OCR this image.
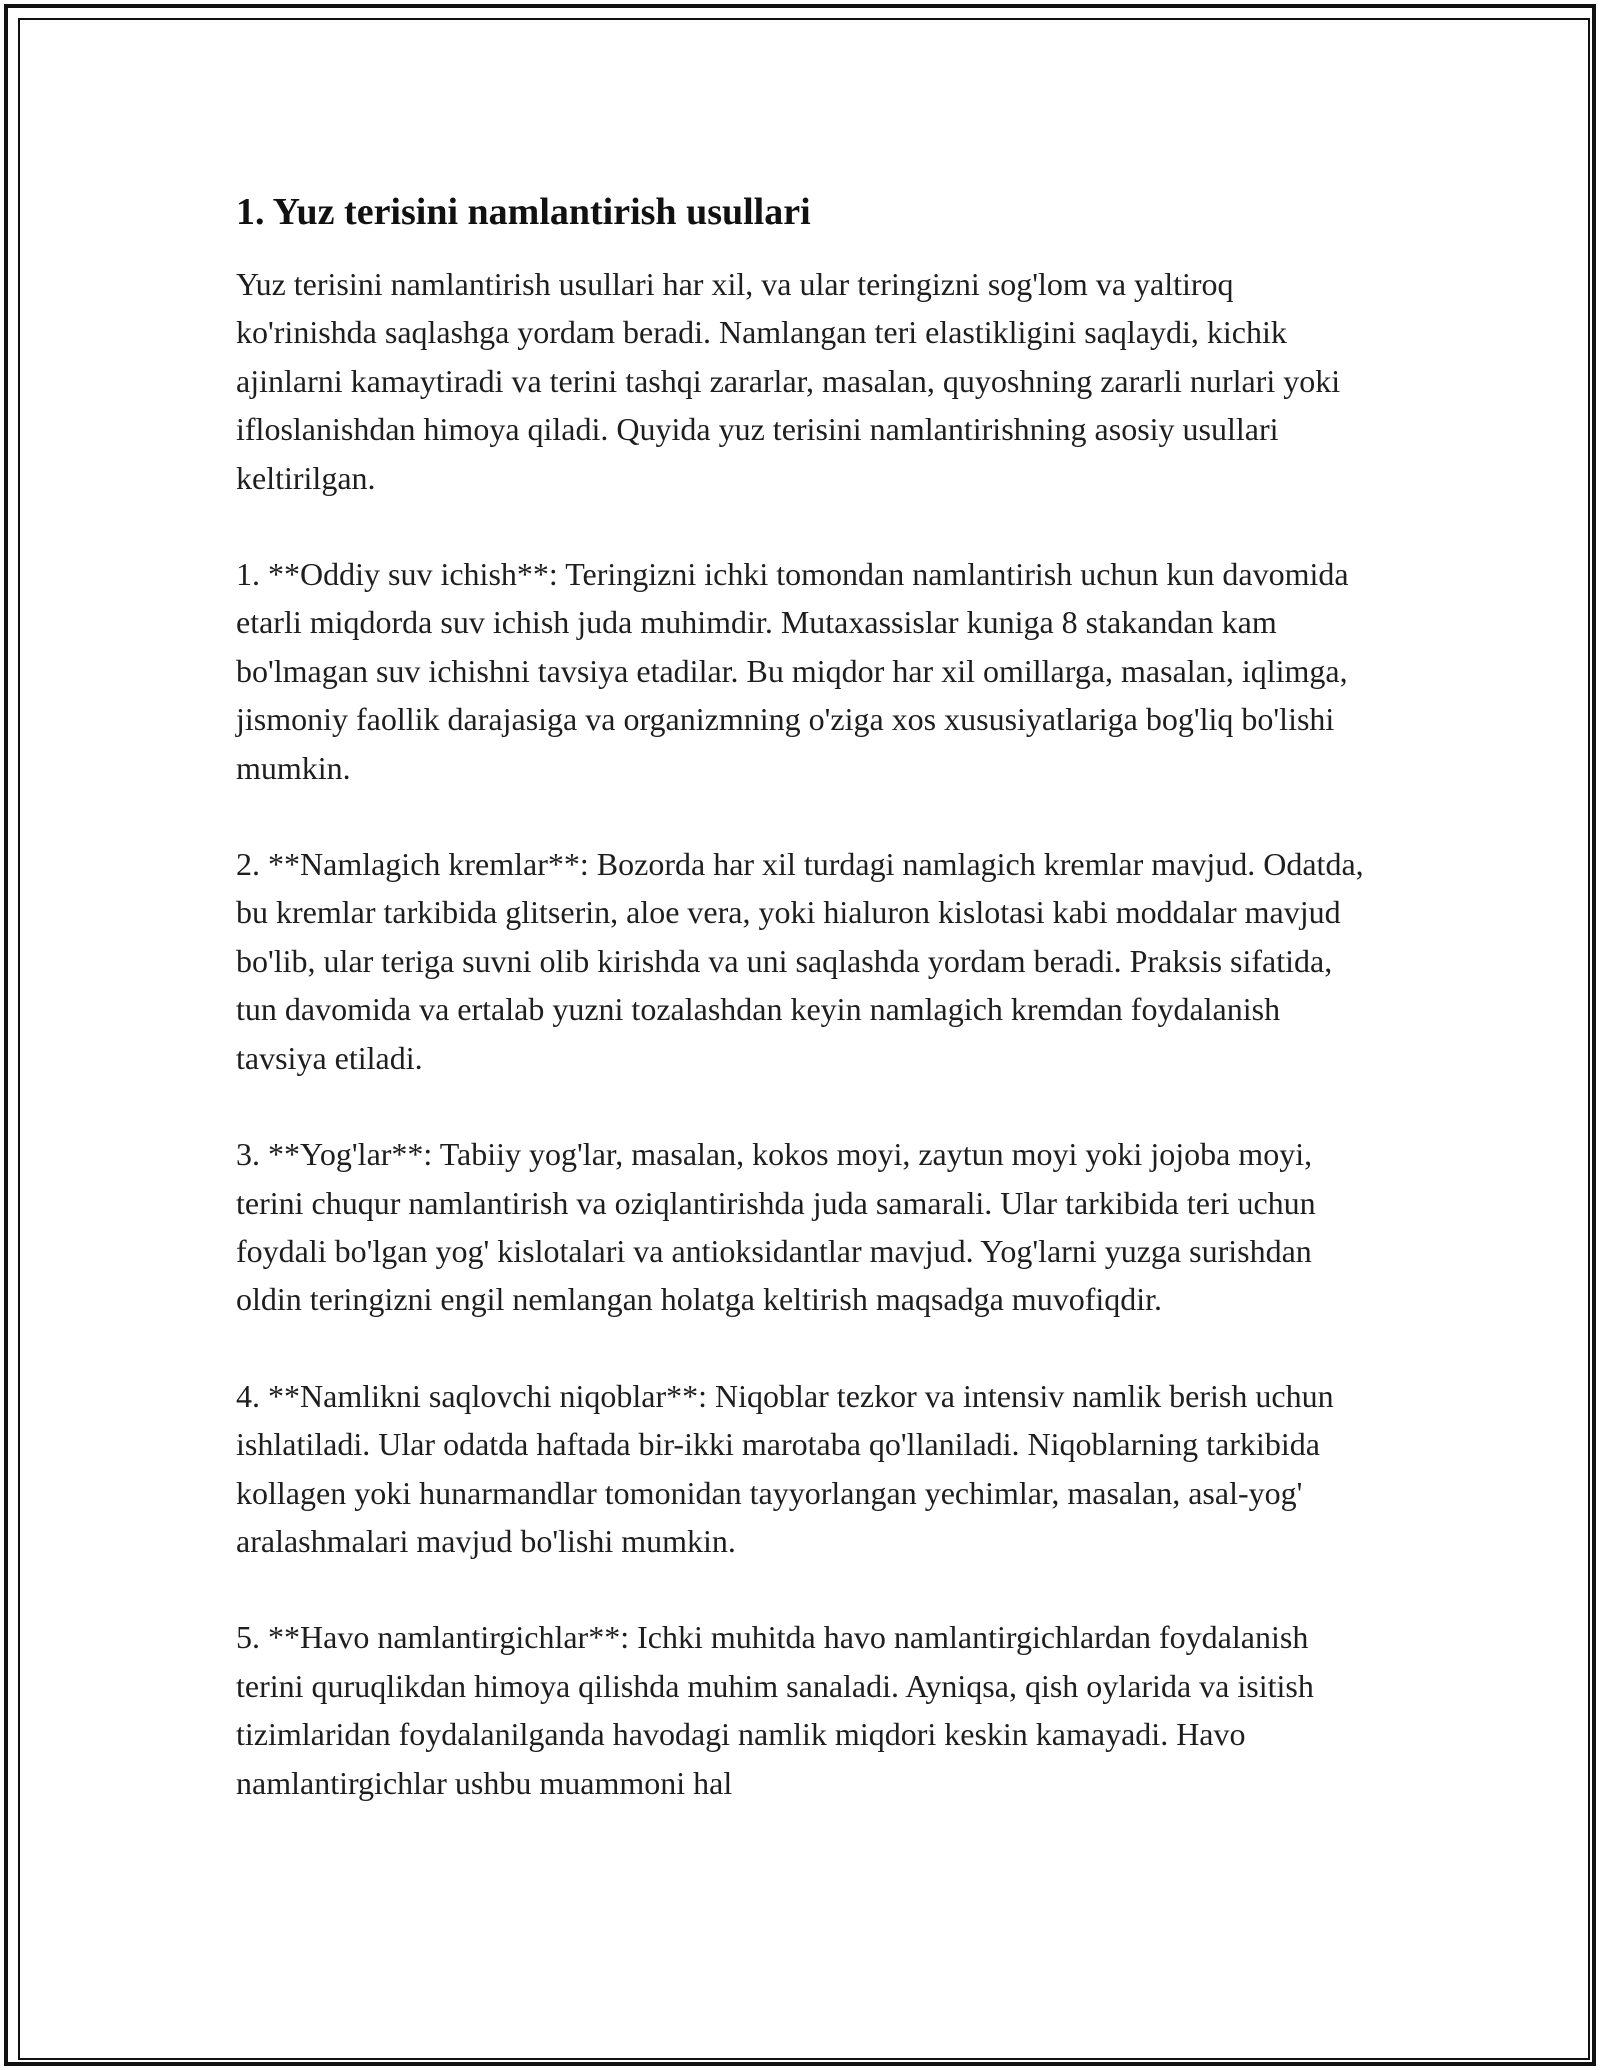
1. Yuz terisini namlantirish usullari

Yuz terisini namlantirish usullari har xil, va ular teringizni sog'lom va yaltiroq ko'rinishda saqlashga yordam beradi. Namlangan teri elastikligini saqlaydi, kichik ajinlarni kamaytiradi va terini tashqi zararlar, masalan, quyoshning zararli nurlari yoki ifloslanishdan himoya qiladi. Quyida yuz terisini namlantirishning asosiy usullari keltirilgan.

1. **Oddiy suv ichish**: Teringizni ichki tomondan namlantirish uchun kun davomida etarli miqdorda suv ichish juda muhimdir. Mutaxassislar kuniga 8 stakandan kam bo'lmagan suv ichishni tavsiya etadilar. Bu miqdor har xil omillarga, masalan, iqlimga, jismoniy faollik darajasiga va organizmning o'ziga xos xususiyatlariga bog'liq bo'lishi mumkin.

2. **Namlagich kremlar**: Bozorda har xil turdagi namlagich kremlar mavjud. Odatda, bu kremlar tarkibida glitserin, aloe vera, yoki hialuron kislotasi kabi moddalar mavjud bo'lib, ular teriga suvni olib kirishda va uni saqlashda yordam beradi. Praksis sifatida, tun davomida va ertalab yuzni tozalashdan keyin namlagich kremdan foydalanish tavsiya etiladi.

3. **Yog'lar**: Tabiiy yog'lar, masalan, kokos moyi, zaytun moyi yoki jojoba moyi, terini chuqur namlantirish va oziqlantirishda juda samarali. Ular tarkibida teri uchun foydali bo'lgan yog' kislotalari va antioksidantlar mavjud. Yog'larni yuzga surishdan oldin teringizni engil nemlangan holatga keltirish maqsadga muvofiqdir.

4. **Namlikni saqlovchi niqoblar**: Niqoblar tezkor va intensiv namlik berish uchun ishlatiladi. Ular odatda haftada bir-ikki marotaba qo'llaniladi. Niqoblarning tarkibida kollagen yoki hunarmandlar tomonidan tayyorlangan yechimlar, masalan, asal-yog' aralashmalari mavjud bo'lishi mumkin.

5. **Havo namlantirgichlar**: Ichki muhitda havo namlantirgichlardan foydalanish terini quruqlikdan himoya qilishda muhim sanaladi. Ayniqsa, qish oylarida va isitish tizimlaridan foydalanilganda havodagi namlik miqdori keskin kamayadi. Havo namlantirgichlar ushbu muammoni hal
